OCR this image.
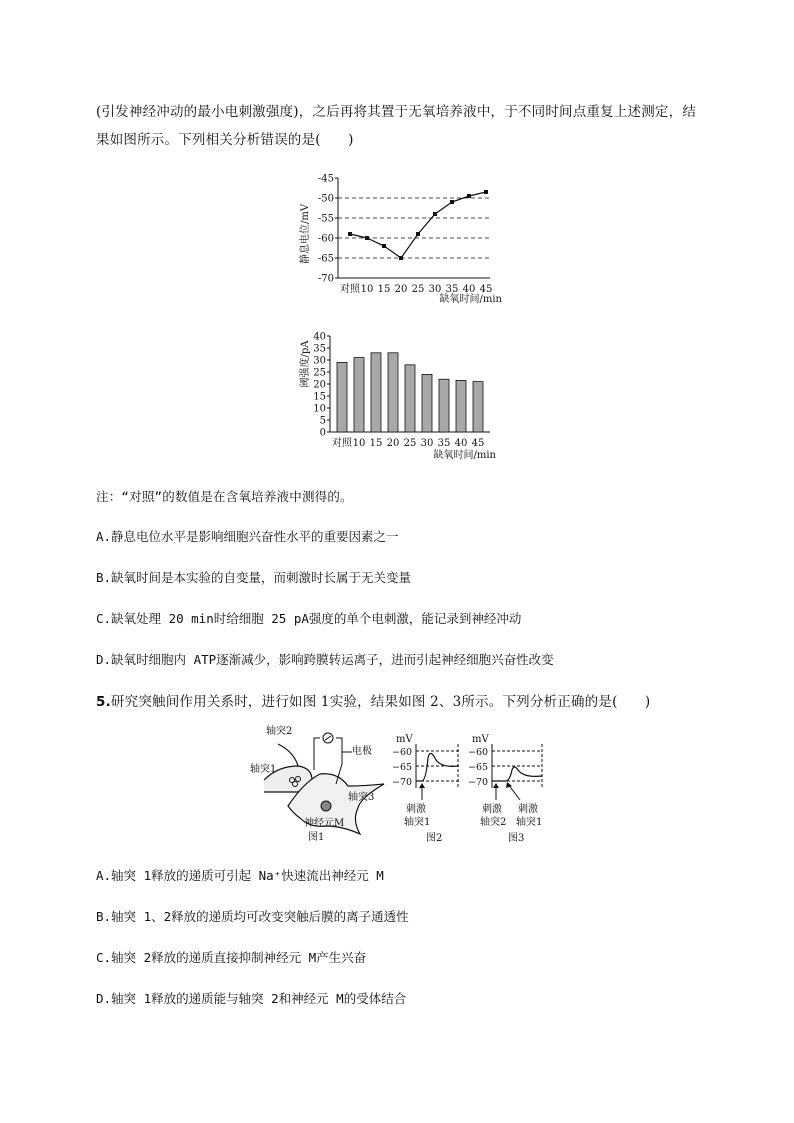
(引发神经冲动的最小电刺激强度)，之后再将其置于无氧培养液中，于不同时间点重复上述测定，结
果如图所示。下列相关分析错误的是(　　)
静息电位/mV
-45
-50
-55
-60
-65
-70
对照 10 15 20 25 30 35 40 45
缺氧时间/min
阈强度/pA
40
35
30
25
20
15
10
5
0
对照 10 15 20 25 30 35 40 45
缺氧时间/min
注：“对照”的数值是在含氧培养液中测得的。
A.静息电位水平是影响细胞兴奋性水平的重要因素之一
B.缺氧时间是本实验的自变量，而刺激时长属于无关变量
C.缺氧处理 20 min时给细胞 25 pA强度的单个电刺激，能记录到神经冲动
D.缺氧时细胞内 ATP逐渐减少，影响跨膜转运离子，进而引起神经细胞兴奋性改变
5.研究突触间作用关系时，进行如图 1实验，结果如图 2、3所示。下列分析正确的是(　　)
轴突2
轴突1
电极
轴突3
神经元M
图1
mV
−60
−65
−70
刺激
轴突1
图2
mV
−60
−65
−70
刺激
轴突2
刺激
轴突1
图3
A.轴突 1释放的递质可引起 Na⁺快速流出神经元 M
B.轴突 1、2释放的递质均可改变突触后膜的离子通透性
C.轴突 2释放的递质直接抑制神经元 M产生兴奋
D.轴突 1释放的递质能与轴突 2和神经元 M的受体结合
